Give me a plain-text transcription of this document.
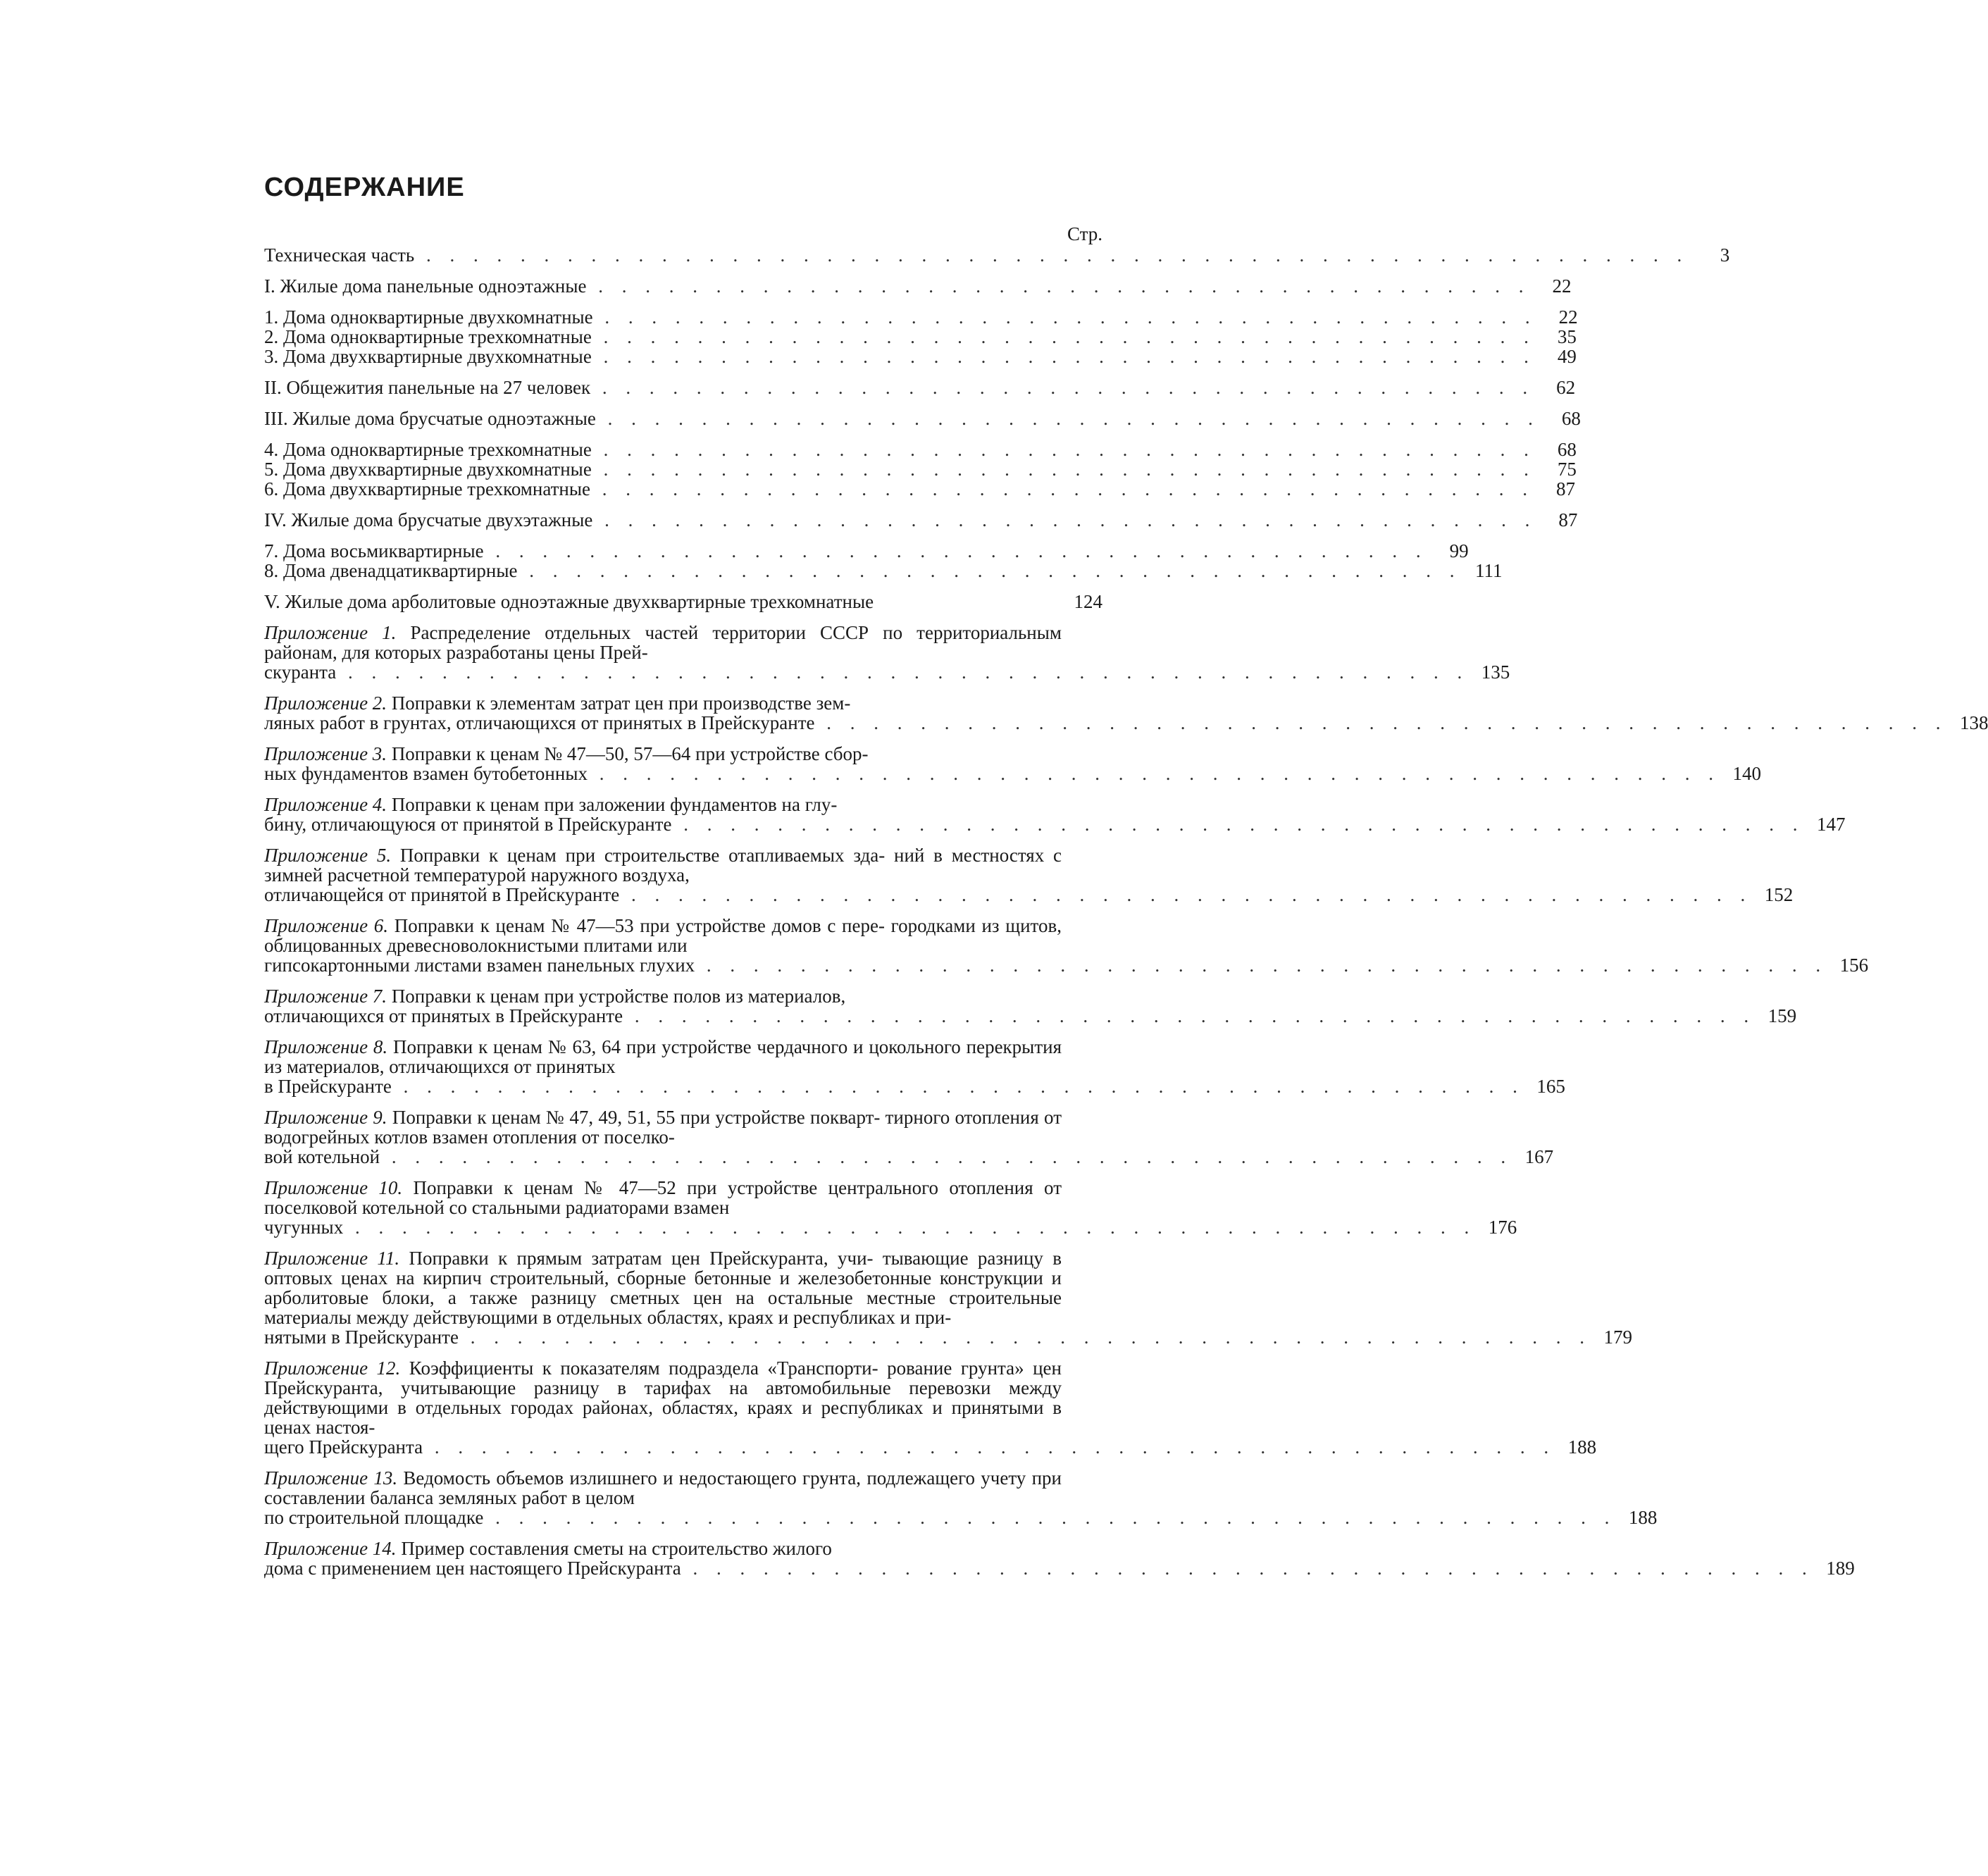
СОДЕРЖАНИЕ
Стр.
Техническая часть . . . . . . . . . . . . . . . . . . . . . . . . . . . . . . . . . . . . . . . . . . . . . . . . . . . . . .	3
I. Жилые дома панельные одноэтажные . . . . . . . . . . . . . . . . . . . . . . . . . . . . . . . . . . . . . . . .	22
1. Дома одноквартирные двухкомнатные . . . . . . . . . . . . . . . . . . . . . . . . . . . . . . . . . . . . . . . .	22
2. Дома одноквартирные трехкомнатные . . . . . . . . . . . . . . . . . . . . . . . . . . . . . . . . . . . . . . . .	35
3. Дома двухквартирные двухкомнатные . . . . . . . . . . . . . . . . . . . . . . . . . . . . . . . . . . . . . . . .	49
II. Общежития панельные на 27 человек . . . . . . . . . . . . . . . . . . . . . . . . . . . . . . . . . . . . . . . .	62
III. Жилые дома брусчатые одноэтажные . . . . . . . . . . . . . . . . . . . . . . . . . . . . . . . . . . . . . . . .	68
4. Дома одноквартирные трехкомнатные . . . . . . . . . . . . . . . . . . . . . . . . . . . . . . . . . . . . . . . .	68
5. Дома двухквартирные двухкомнатные . . . . . . . . . . . . . . . . . . . . . . . . . . . . . . . . . . . . . . . .	75
6. Дома двухквартирные трехкомнатные . . . . . . . . . . . . . . . . . . . . . . . . . . . . . . . . . . . . . . . .	87
IV. Жилые дома брусчатые двухэтажные . . . . . . . . . . . . . . . . . . . . . . . . . . . . . . . . . . . . . . . .	87
7. Дома восьмиквартирные . . . . . . . . . . . . . . . . . . . . . . . . . . . . . . . . . . . . . . . .	99
8. Дома двенадцатиквартирные . . . . . . . . . . . . . . . . . . . . . . . . . . . . . . . . . . . . . . . . 111
V. Жилые дома арболитовые одноэтажные двухквартирные трехкомнатные	124
Приложение 1. Распределение отдельных частей территории СССР по территориальным районам, для которых разработаны цены Прей-
скуранта . . . . . . . . . . . . . . . . . . . . . . . . . . . . . . . . . . . . . . . . . . . . . . . . 135
Приложение 2. Поправки к элементам затрат цен при производстве зем-
ляных работ в грунтах, отличающихся от принятых в Прейскуранте . . . . . . . . . . . . . . . . . . . . . . . . . . . . . . . . . . . . . . . . . . . . . . . . 138
Приложение 3. Поправки к ценам № 47—50, 57—64 при устройстве сбор-
ных фундаментов взамен бутобетонных . . . . . . . . . . . . . . . . . . . . . . . . . . . . . . . . . . . . . . . . . . . . . . . . 140
Приложение 4. Поправки к ценам при заложении фундаментов на глу-
бину, отличающуюся от принятой в Прейскуранте . . . . . . . . . . . . . . . . . . . . . . . . . . . . . . . . . . . . . . . . . . . . . . . . 147
Приложение 5. Поправки к ценам при строительстве отапливаемых зда- ний в местностях с зимней расчетной температурой наружного воздуха,
отличающейся от принятой в Прейскуранте . . . . . . . . . . . . . . . . . . . . . . . . . . . . . . . . . . . . . . . . . . . . . . . . 152
Приложение 6. Поправки к ценам № 47—53 при устройстве домов с пере- городками из щитов, облицованных древесноволокнистыми плитами или
гипсокартонными листами взамен панельных глухих . . . . . . . . . . . . . . . . . . . . . . . . . . . . . . . . . . . . . . . . . . . . . . . . 156
Приложение 7. Поправки к ценам при устройстве полов из материалов,
отличающихся от принятых в Прейскуранте . . . . . . . . . . . . . . . . . . . . . . . . . . . . . . . . . . . . . . . . . . . . . . . . 159
Приложение 8. Поправки к ценам № 63, 64 при устройстве чердачного и цокольного перекрытия из материалов, отличающихся от принятых
в Прейскуранте . . . . . . . . . . . . . . . . . . . . . . . . . . . . . . . . . . . . . . . . . . . . . . . . 165
Приложение 9. Поправки к ценам № 47, 49, 51, 55 при устройстве покварт- тирного отопления от водогрейных котлов взамен отопления от поселко-
вой котельной . . . . . . . . . . . . . . . . . . . . . . . . . . . . . . . . . . . . . . . . . . . . . . . . 167
Приложение 10. Поправки к ценам № 47—52 при устройстве центрального отопления от поселковой котельной со стальными радиаторами взамен
чугунных . . . . . . . . . . . . . . . . . . . . . . . . . . . . . . . . . . . . . . . . . . . . . . . . 176
Приложение 11. Поправки к прямым затратам цен Прейскуранта, учи- тывающие разницу в оптовых ценах на кирпич строительный, сборные бетонные и железобетонные конструкции и арболитовые блоки, а также разницу сметных цен на остальные местные строительные материалы между действующими в отдельных областях, краях и республиках и при-
нятыми в Прейскуранте . . . . . . . . . . . . . . . . . . . . . . . . . . . . . . . . . . . . . . . . . . . . . . . . 179
Приложение 12. Коэффициенты к показателям подраздела «Транспорти- рование грунта» цен Прейскуранта, учитывающие разницу в тарифах на автомобильные перевозки между действующими в отдельных городах районах, областях, краях и республиках и принятыми в ценах настоя-
щего Прейскуранта . . . . . . . . . . . . . . . . . . . . . . . . . . . . . . . . . . . . . . . . . . . . . . . . 188
Приложение 13. Ведомость объемов излишнего и недостающего грунта, подлежащего учету при составлении баланса земляных работ в целом
по строительной площадке . . . . . . . . . . . . . . . . . . . . . . . . . . . . . . . . . . . . . . . . . . . . . . . . 188
Приложение 14. Пример составления сметы на строительство жилого
дома с применением цен настоящего Прейскуранта . . . . . . . . . . . . . . . . . . . . . . . . . . . . . . . . . . . . . . . . . . . . . . . . 189
